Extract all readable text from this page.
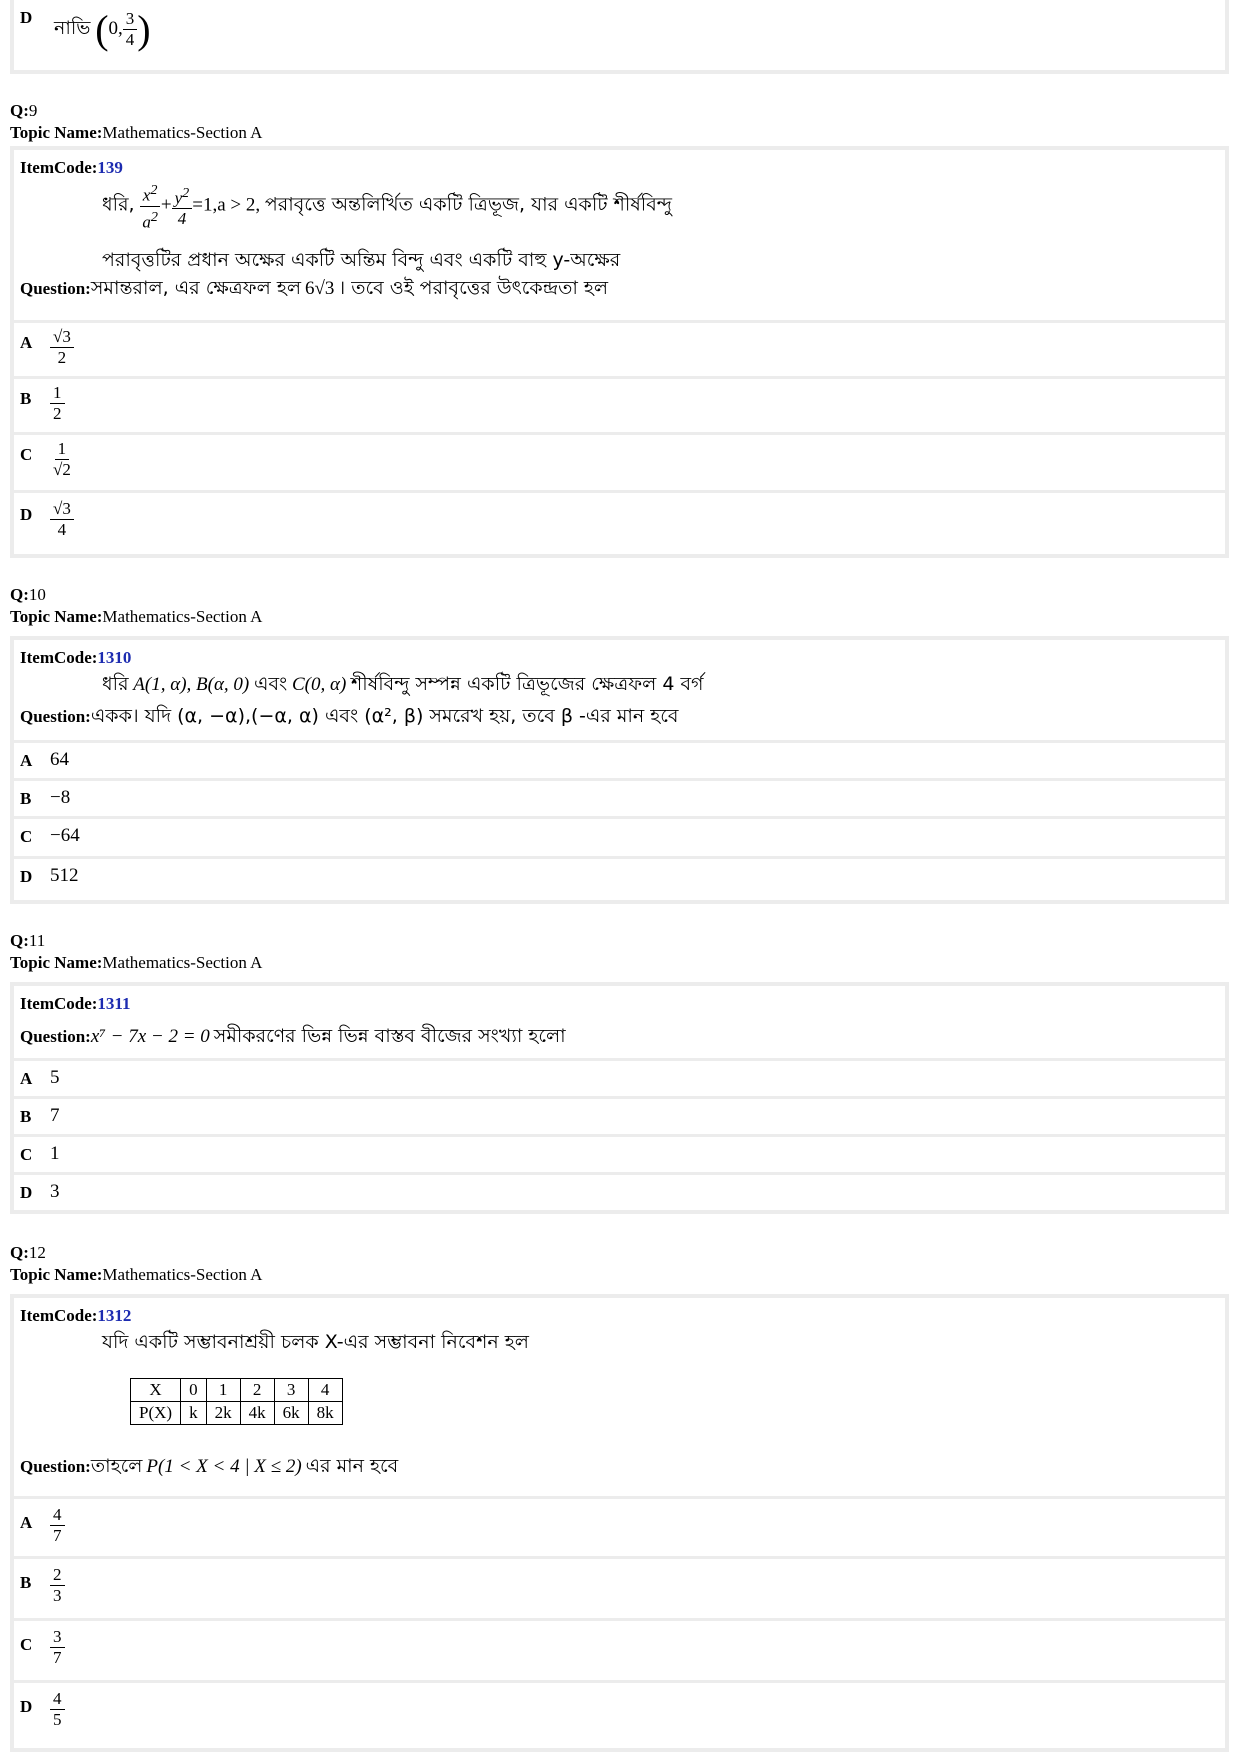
D নাভি (0, $\frac{3}{4}$ )
Q:9
Topic Name:Mathematics-Section A
ItemCode:139
ধরি, $\frac{x^2}{a^2} + \frac{y^2}{4} =1,a > 2$, পরাবৃত্তে অন্তলির্খিত একটি ত্রিভূজ, যার একটি শীর্ষবিন্দু
পরাবৃত্তটির প্রধান অক্ষের একটি অন্তিম বিন্দু এবং একটি বাহু y-অক্ষের
Question:সমান্তরাল, এর ক্ষেত্রফল হল 6√3 । তবে ওই পরাবৃত্তের উৎকেন্দ্রতা হল
A $\frac{√3}{2}$
B $\frac{1}{2}$
C $\frac{1}{√2}$
D $\frac{√3}{4}$
Q:10
Topic Name:Mathematics-Section A
ItemCode:1310
ধরি A(1, α), B(α, 0) এবং C(0, α) শীর্ষবিন্দু সম্পন্ন একটি ত্রিভূজের ক্ষেত্রফল 4 বর্গ
Question:একক। যদি (α, −α),(−α, α) এবং (α², β) সমরেখ হয়, তবে β -এর মান হবে
A 64
B −8
C −64
D 512
Q:11
Topic Name:Mathematics-Section A
ItemCode:1311
Question:x⁷ − 7x − 2 = 0 সমীকরণের ভিন্ন ভিন্ন বাস্তব বীজের সংখ্যা হলো
A 5
B 7
C 1
D 3
Q:12
Topic Name:Mathematics-Section A
ItemCode:1312
যদি একটি সম্ভাবনাশ্রয়ী চলক X-এর সম্ভাবনা নিবেশন হল
X	0	1	2	3	4
P(X)	k	2k	4k	6k	8k
Question:তাহলে P(1 < X < 4 | X ≤ 2) এর মান হবে
A $\frac{4}{7}$
B $\frac{2}{3}$
C $\frac{3}{7}$
D $\frac{4}{5}$
